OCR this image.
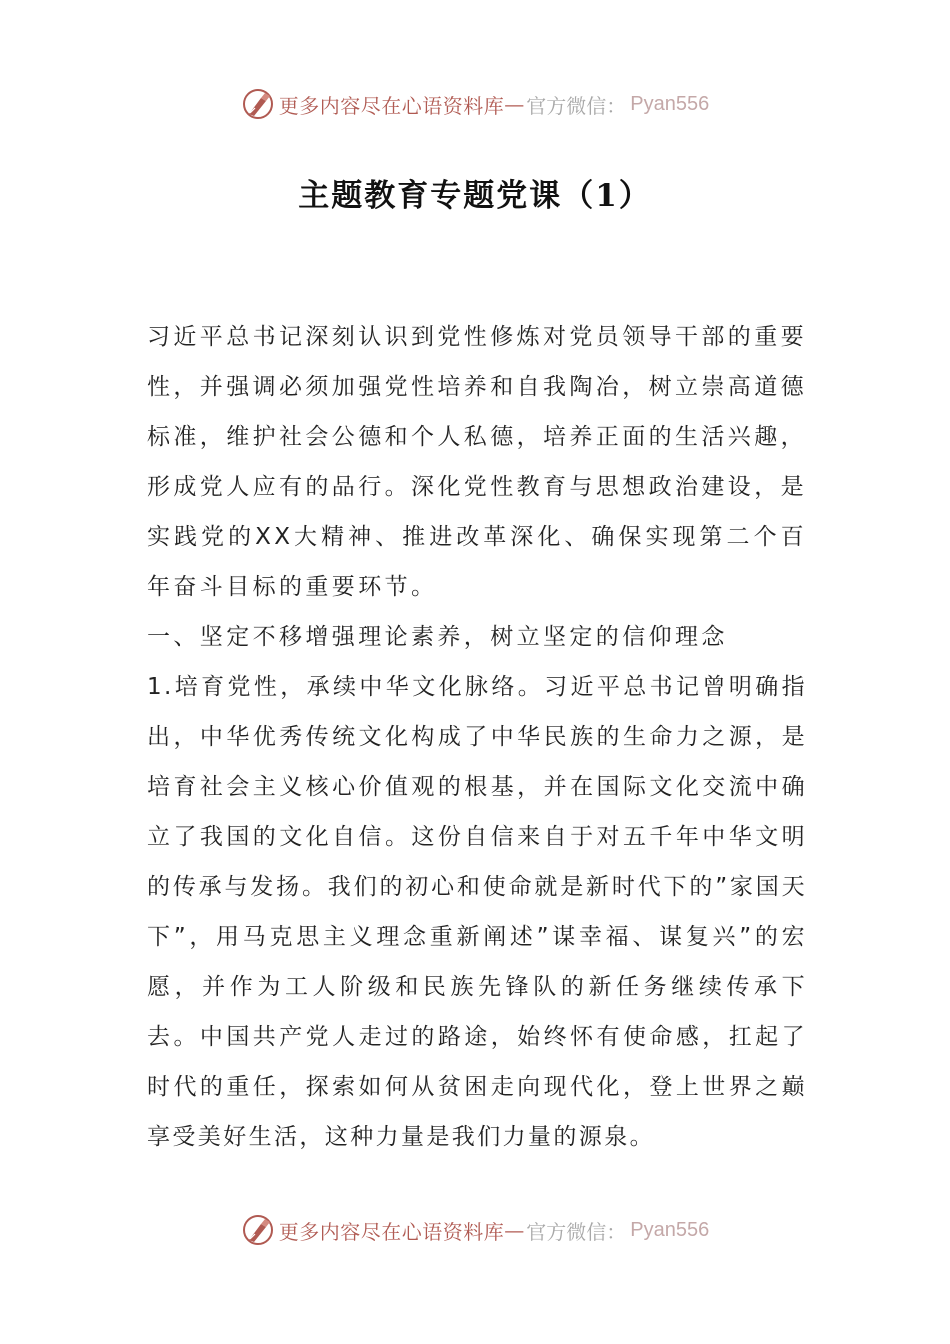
更多内容尽在心语资料库 — 官方微信： Pyan556
主题教育专题党课（1）

习近平总书记深刻认识到党性修炼对党员领导干部的重要性，并强调必须加强党性培养和自我陶冶，树立崇高道德标准，维护社会公德和个人私德，培养正面的生活兴趣，形成党人应有的品行。深化党性教育与思想政治建设，是实践党的XX大精神、推进改革深化、确保实现第二个百年奋斗目标的重要环节。

一、坚定不移增强理论素养，树立坚定的信仰理念

1.培育党性，承续中华文化脉络。习近平总书记曾明确指出，中华优秀传统文化构成了中华民族的生命力之源，是培育社会主义核心价值观的根基，并在国际文化交流中确立了我国的文化自信。这份自信来自于对五千年中华文明的传承与发扬。我们的初心和使命就是新时代下的”家国天下”，用马克思主义理念重新阐述”谋幸福、谋复兴”的宏愿，并作为工人阶级和民族先锋队的新任务继续传承下去。中国共产党人走过的路途，始终怀有使命感，扛起了时代的重任，探索如何从贫困走向现代化，登上世界之巅享受美好生活，这种力量是我们力量的源泉。

更多内容尽在心语资料库 — 官方微信： Pyan556
